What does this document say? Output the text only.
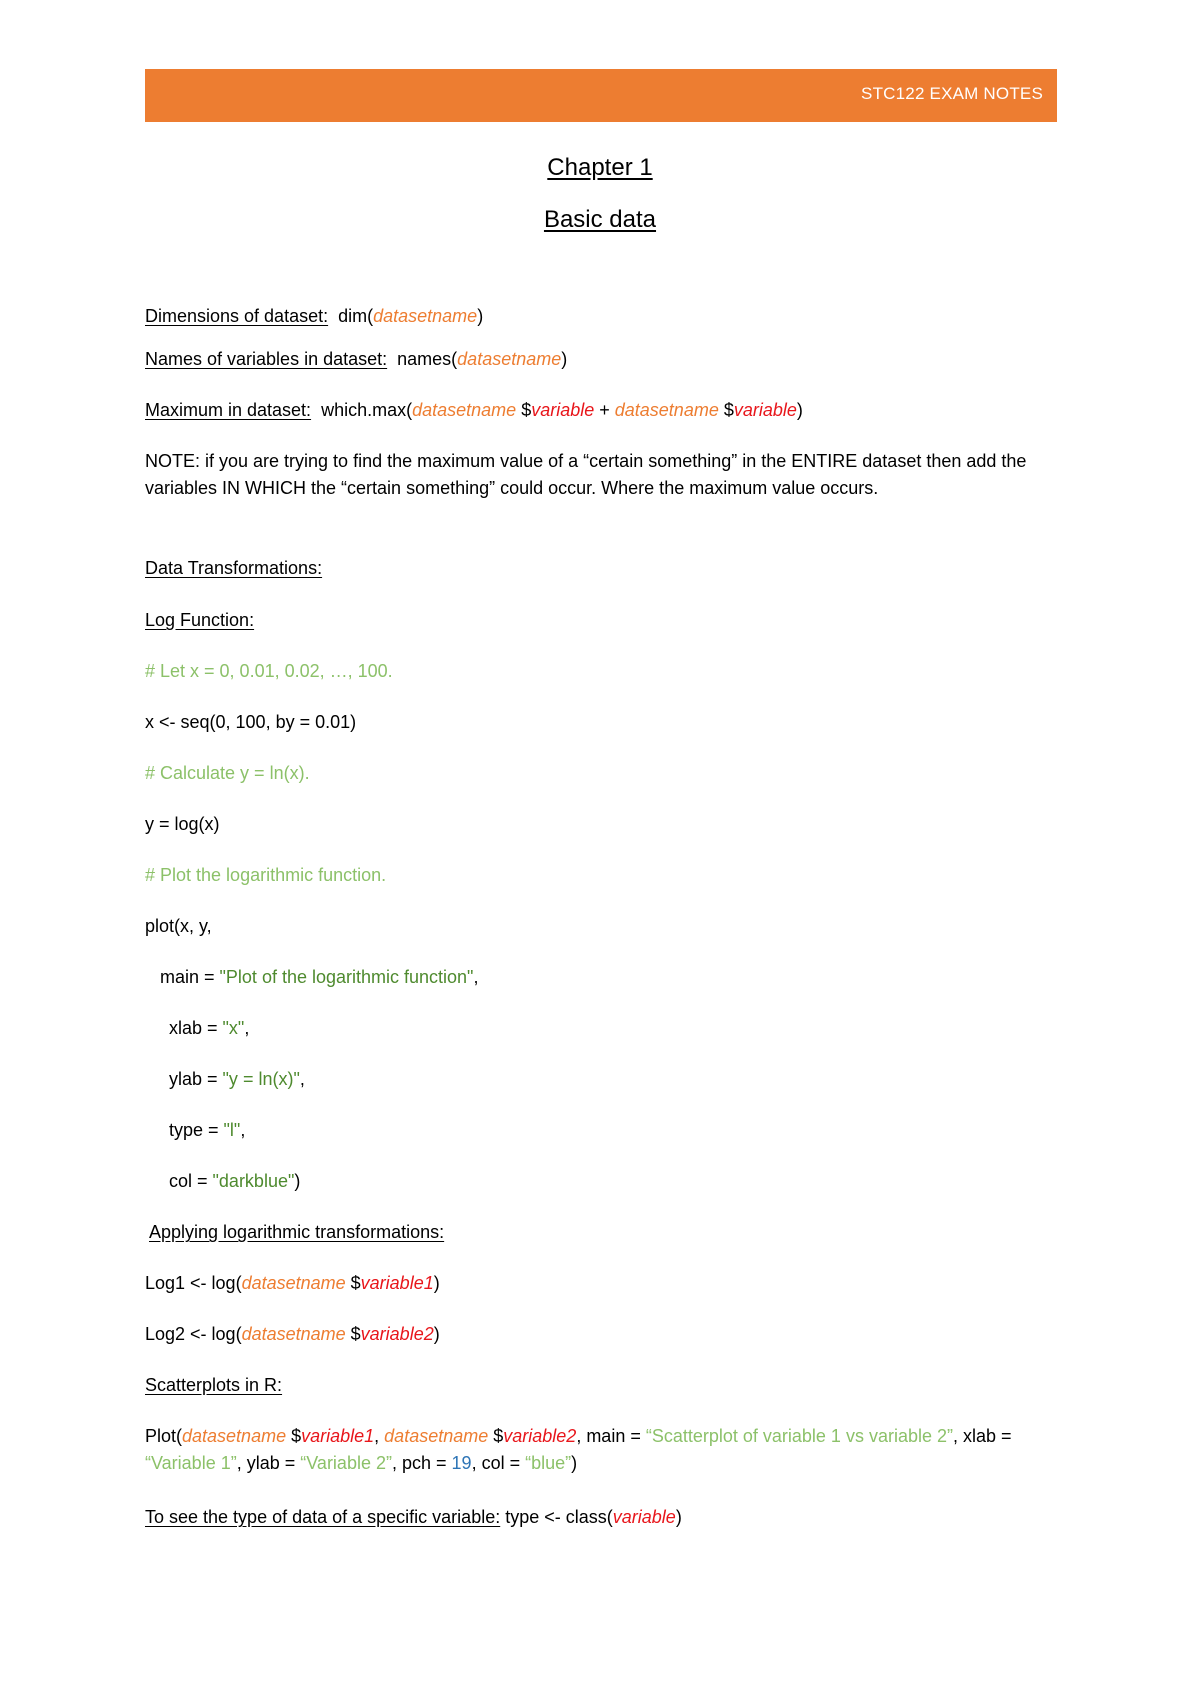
STC122 EXAM NOTES
Chapter 1
Basic data
Dimensions of dataset: dim(datasetname)
Names of variables in dataset: names(datasetname)
Maximum in dataset: which.max(datasetname $variable + datasetname $variable)
NOTE: if you are trying to find the maximum value of a “certain something” in the ENTIRE dataset then add the variables IN WHICH the “certain something” could occur. Where the maximum value occurs.
Data Transformations:
Log Function:
# Let x = 0, 0.01, 0.02, …, 100.
x <- seq(0, 100, by = 0.01)
# Calculate y = ln(x).
y = log(x)
# Plot the logarithmic function.
plot(x, y,
main = "Plot of the logarithmic function",
xlab = "x",
ylab = "y = ln(x)",
type = "l",
col = "darkblue")
Applying logarithmic transformations:
Log1 <- log(datasetname $variable1)
Log2 <- log(datasetname $variable2)
Scatterplots in R:
Plot(datasetname $variable1, datasetname $variable2, main = “Scatterplot of variable 1 vs variable 2”, xlab = “Variable 1”, ylab = “Variable 2”, pch = 19, col = “blue”)
To see the type of data of a specific variable: type <- class(variable)
